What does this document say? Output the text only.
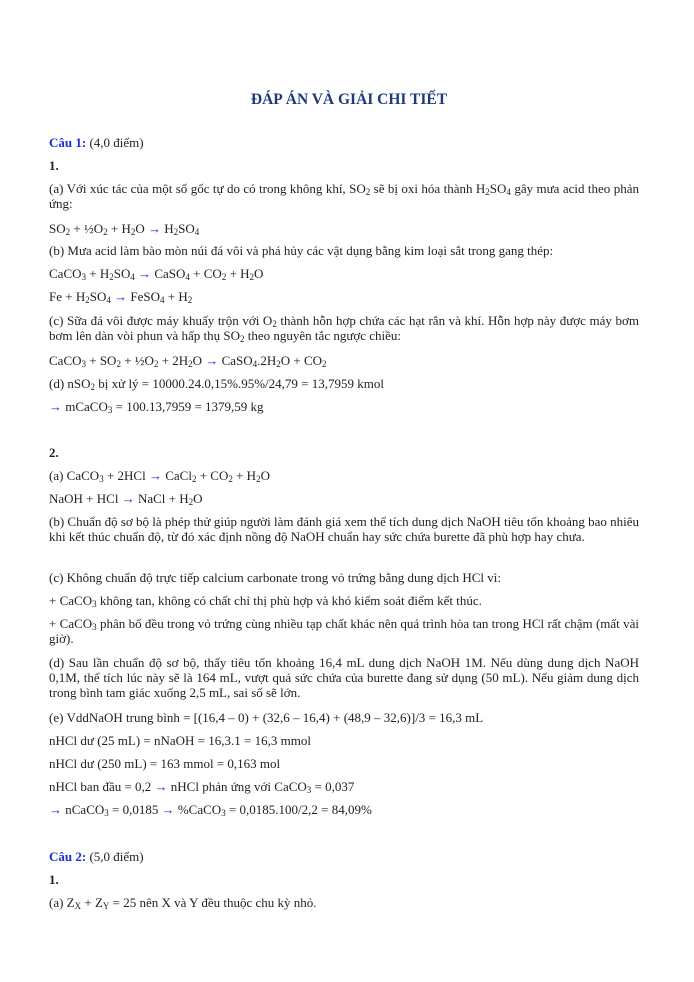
ĐÁP ÁN VÀ GIẢI CHI TIẾT
Câu 1: (4,0 điểm)
1.
(a) Với xúc tác của một số gốc tự do có trong không khí, $SO_2$ sẽ bị oxi hóa thành $H_2SO_4$ gây mưa acid theo phản ứng:
$SO_2$ + $\frac{1}{2}O_2 + H_2O \to H_2SO_4$
(b) Mưa acid làm bào mòn núi đá vôi và phá hủy các vật dụng bằng kim loại sắt trong gang thép:
CaCO$_3$ + $H_2SO_4$ → CaSO$_4$ + $CO_2 + H_2O$
$Fe + H_2SO_4$ → FeSO$_4$ + $H_2$
(c) Sữa đá vôi được máy khuấy trộn với $O_2$ thành hỗn hợp chứa các hạt rắn và khí. Hỗn hợp này được máy bơm bơm lên dàn vòi phun và hấp thụ $SO_2$ theo nguyên tắc ngược chiều:
CaCO$_3$ + $SO_2$ + $\frac{1}{2}O_2 + 2H_2O$ → $CaSO_4.2H_2O + CO_2$
(d) nSO$_2$ bị xử lý = 10000.24.0,15%.95%/24,79 = 13,7959 kmol
→ mCaCO$_3$ = 100.13,7959 = 1379,59 kg
2.
(a) CaCO$_3$ + 2HCl → CaCl$_2$ + $CO_2 + H_2O$
NaOH + HCl → NaCl + $H_2O$
(b) Chuẩn độ sơ bộ là phép thử giúp người làm đánh giá xem thể tích dung dịch NaOH tiêu tốn khoảng bao nhiêu khi kết thúc chuẩn độ, từ đó xác định nồng độ NaOH chuẩn hay sức chứa burette đã phù hợp hay chưa.
(c) Không chuẩn độ trực tiếp calcium carbonate trong vỏ trứng bằng dung dịch HCl vì:
+ CaCO$_3$ không tan, không có chất chỉ thị phù hợp và khó kiểm soát điểm kết thúc.
+ CaCO$_3$ phân bố đều trong vỏ trứng cùng nhiều tạp chất khác nên quá trình hòa tan trong HCl rất chậm (mất vài giờ).
(d) Sau lần chuẩn độ sơ bộ, thấy tiêu tốn khoảng 16,4 mL dung dịch NaOH 1M. Nếu dùng dung dịch NaOH 0,1M, thể tích lúc này sẽ là 164 mL, vượt quá sức chứa của burette đang sử dụng (50 mL). Nếu giảm dung dịch trong bình tam giác xuống 2,5 mL, sai số sẽ lớn.
(e) VddNaOH trung bình = [(16,4 – 0) + (32,6 – 16,4) + (48,9 – 32,6)]/3 = 16,3 mL
nHCl dư (25 mL) = nNaOH = 16,3.1 = 16,3 mmol
nHCl dư (250 mL) = 163 mmol = 0,163 mol
nHCl ban đầu = 0,2 → nHCl phản ứng với CaCO$_3$ = 0,037
→ nCaCO$_3$ = 0,0185 → %CaCO$_3$ = 0,0185.100/2,2 = 84,09%
Câu 2: (5,0 điểm)
1.
(a) $Z_X + Z_Y = 25$ nên X và Y đều thuộc chu kỳ nhỏ.
